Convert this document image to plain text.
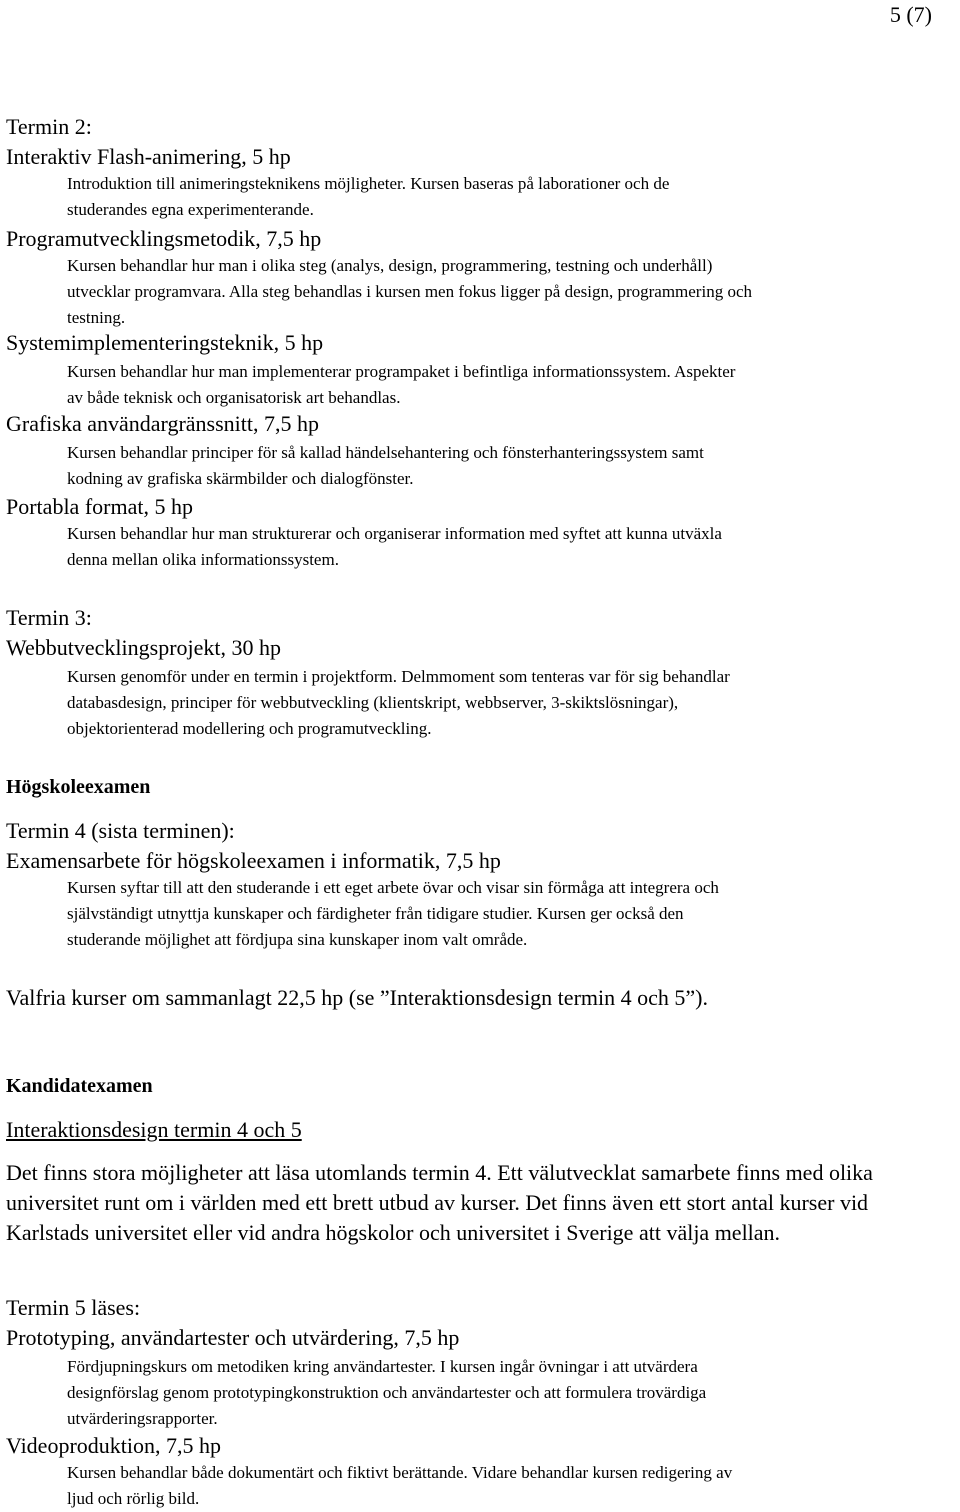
5 (7)
Termin 2:
Interaktiv Flash-animering, 5 hp
Introduktion till animeringsteknikens möjligheter. Kursen baseras på laborationer och de
studerandes egna experimenterande.
Programutvecklingsmetodik, 7,5 hp
Kursen behandlar hur man i olika steg (analys, design, programmering, testning och underhåll)
utvecklar programvara. Alla steg behandlas i kursen men fokus ligger på design, programmering och
testning.
Systemimplementeringsteknik, 5 hp
Kursen behandlar hur man implementerar programpaket i befintliga informationssystem. Aspekter
av både teknisk och organisatorisk art behandlas.
Grafiska användargränssnitt, 7,5 hp
Kursen behandlar principer för så kallad händelsehantering och fönsterhanteringssystem samt
kodning av grafiska skärmbilder och dialogfönster.
Portabla format, 5 hp
Kursen behandlar hur man strukturerar och organiserar information med syftet att kunna utväxla
denna mellan olika informationssystem.
Termin 3:
Webbutvecklingsprojekt, 30 hp
Kursen genomför under en termin i projektform. Delmmoment som tenteras var för sig behandlar
databasdesign, principer för webbutveckling (klientskript, webbserver, 3-skiktslösningar),
objektorienterad modellering och programutveckling.
Högskoleexamen
Termin 4 (sista terminen):
Examensarbete för högskoleexamen i informatik, 7,5 hp
Kursen syftar till att den studerande i ett eget arbete övar och visar sin förmåga att integrera och
självständigt utnyttja kunskaper och färdigheter från tidigare studier. Kursen ger också den
studerande möjlighet att fördjupa sina kunskaper inom valt område.
Valfria kurser om sammanlagt 22,5 hp (se ”Interaktionsdesign termin 4 och 5”).
Kandidatexamen
Interaktionsdesign termin 4 och 5
Det finns stora möjligheter att läsa utomlands termin 4. Ett välutvecklat samarbete finns med olika universitet runt om i världen med ett brett utbud av kurser. Det finns även ett stort antal kurser vid Karlstads universitet eller vid andra högskolor och universitet i Sverige att välja mellan.
Termin 5 läses:
Prototyping, användartester och utvärdering, 7,5 hp
Fördjupningskurs om metodiken kring användartester. I kursen ingår övningar i att utvärdera
designförslag genom prototypingkonstruktion och användartester och att formulera trovärdiga
utvärderingsrapporter.
Videoproduktion, 7,5 hp
Kursen behandlar både dokumentärt och fiktivt berättande. Vidare behandlar kursen redigering av
ljud och rörlig bild.
